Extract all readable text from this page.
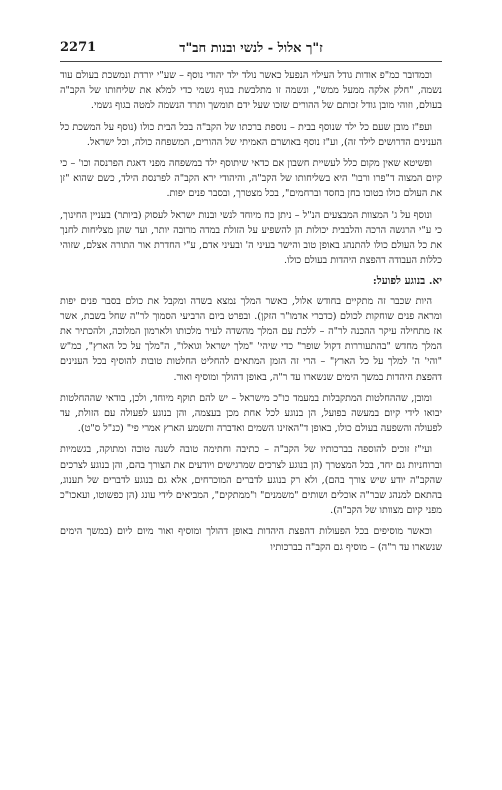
2271	ז"ך אלול - לנשי ובנות חב"ד

וכמדובר כמ"פ אודות גודל העילוי הנפעל כאשר נולד ילד יהודי נוסף – שע"י יורדת ונמשכת בעולם עוד נשמה, "חלק אלקה ממעל ממש", ונשמה זו מתלבשת בגוף גשמי כדי למלא את שליחותו של הקב"ה בעולם, וזוהי מובן גודל זכותם של ההורים שזכו שעל ידם תומשך ותרד הנשמה למטה בגוף גשמי.

ועפ"ז מובן שעם כל ילד שנוסף בבית – נוספת ברכתו של הקב"ה בכל הבית כולו (נוסף על המשכת כל הענינים הדרושים לילד זה), וע"ז נוסף באושרם האמיתי של ההורים, המשפחה כולה, וכל ישראל.

ופשיטא שאין מקום כלל לעשיית חשבון אם כדאי שיתוסף ילד במשפחה מפני דאגת הפרנסה וכו' – כי קיום המצוה ד"פרו ורבו" היא בשליחותו של הקב"ה, והיהודי ירא הקב"ה לפרנסת הילד, כשם שהוא "זן את העולם כולו בטובו בחן בחסד וברחמים", בכל מצטרך, ובסבר פנים יפות.

ונוסף על ג' המצוות המבצעים הנ"ל – ניתן כח מיוחד לנשי ובנות ישראל לעסוק (ביותר) בעניין החינוך, כי ע"י הרגשה הרכה והלבבית יכולות הן להשפיע על הזולת במדה מרובה יותר, ועד שהן מצליחות לחנך את כל העולם כולו להתנהג באופן טוב והישר בעיני ה' ובעיני אדם, ע"י החדרת אור התורה אצלם, שזוהי כללות העבודה דהפצת היהדות בעולם כולו.

יא. בנוגע לפועל:

היות שכבר זה מתקיים בחודש אלול, כאשר המלך נמצא בשדה ומקבל את כולם בסבר פנים יפות ומראה פנים שוחקות לכולם (כדברי אדמו"ר הזקן). ובפרט ביום הרביעי הסמוך לר"ה שחל בשבת, אשר אז מתחילה עיקר ההכנה לר"ה – ללכת עם המלך מהשדה לעיר מלכותו ולארמון המלוכה, ולהכתיר את המלך מחדש "בהתעוררות דקול שופר" כדי שיהי' "מלך ישראל וגואלו", ה"מלך על כל הארץ", כמ"ש "והי' ה' למלך על כל הארץ" – הרי זה הזמן המתאים להחליט החלטות טובות להוסיף בכל הענינים דהפצת היהדות במשך הימים שנשארו עד ר"ה, באופן דהולך ומוסיף ואור.

ומובן, שההחלטות המתקבלות במעמד כו"כ מישראל – יש להם תוקף מיוחד, ולכן, בודאי שההחלטות יבואו לידי קיום במעשה בפועל, הן בנוגע לכל אחת מכן בעצמה, והן בנוגע לפעולה עם הזולת, עד לפעולה והשפעה בעולם כולו, באופן ד"האזינו השמים ואדברה ותשמע הארץ אמרי פי" (כנ"ל ס"ט).

ועי"ז זוכים להוספה בברכותיו של הקב"ה – כתיבה וחתימה טובה לשנה טובה ומתוקה, בגשמיות וברוחניות גם יחד, בכל המצטרך (הן בנוגע לצרכים שמרגישים ויודעים את הצורך בהם, והן בנוגע לצרכים שהקב"ה יודע שיש צורך בהם), ולא רק בנוגע לדברים המוכרחים, אלא גם בנוגע לדברים של תענוג, בהתאם למנהג שבר"ה אוכלים ושותים "משמנים" ו"ממתקים", המביאים לידי עונג (הן כפשוטו, ועאכו"כ מפני קיום מצוותו של הקב"ה).

וכאשר מוסיפים בכל הפעולות דהפצת היהדות באופן דהולך ומוסיף ואור מיום ליום (במשך הימים שנשארו עד ר"ה) – מוסיף גם הקב"ה בברכותיו
